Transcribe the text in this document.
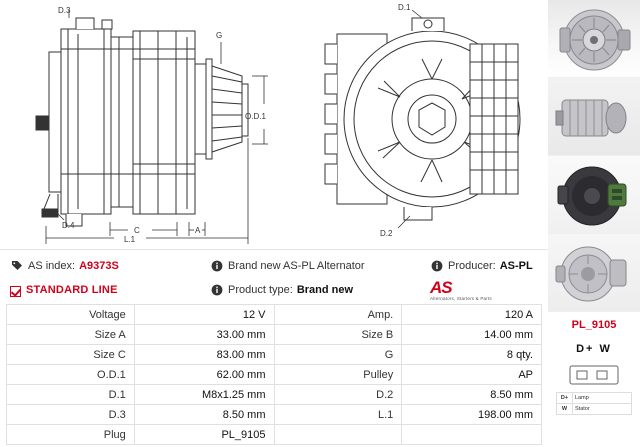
D.3
G
O.D.1
D.4
C	A
L.1
D.1
D.2
AS index: A9373S	Brand new AS-PL Alternator	Producer: AS-PL
STANDARD LINE	Product type: Brand new	AS
Alternators, Starters & Parts
Voltage	12 V	Amp.	120 A
Size A	33.00 mm	Size B	14.00 mm
Size C	83.00 mm	G	8 qty.
O.D.1	62.00 mm	Pulley	AP
D.1	M8x1.25 mm	D.2	8.50 mm
D.3	8.50 mm	L.1	198.00 mm
Plug	PL_9105		
PL_9105
D+ W
D+	Lamp
W	Stator
